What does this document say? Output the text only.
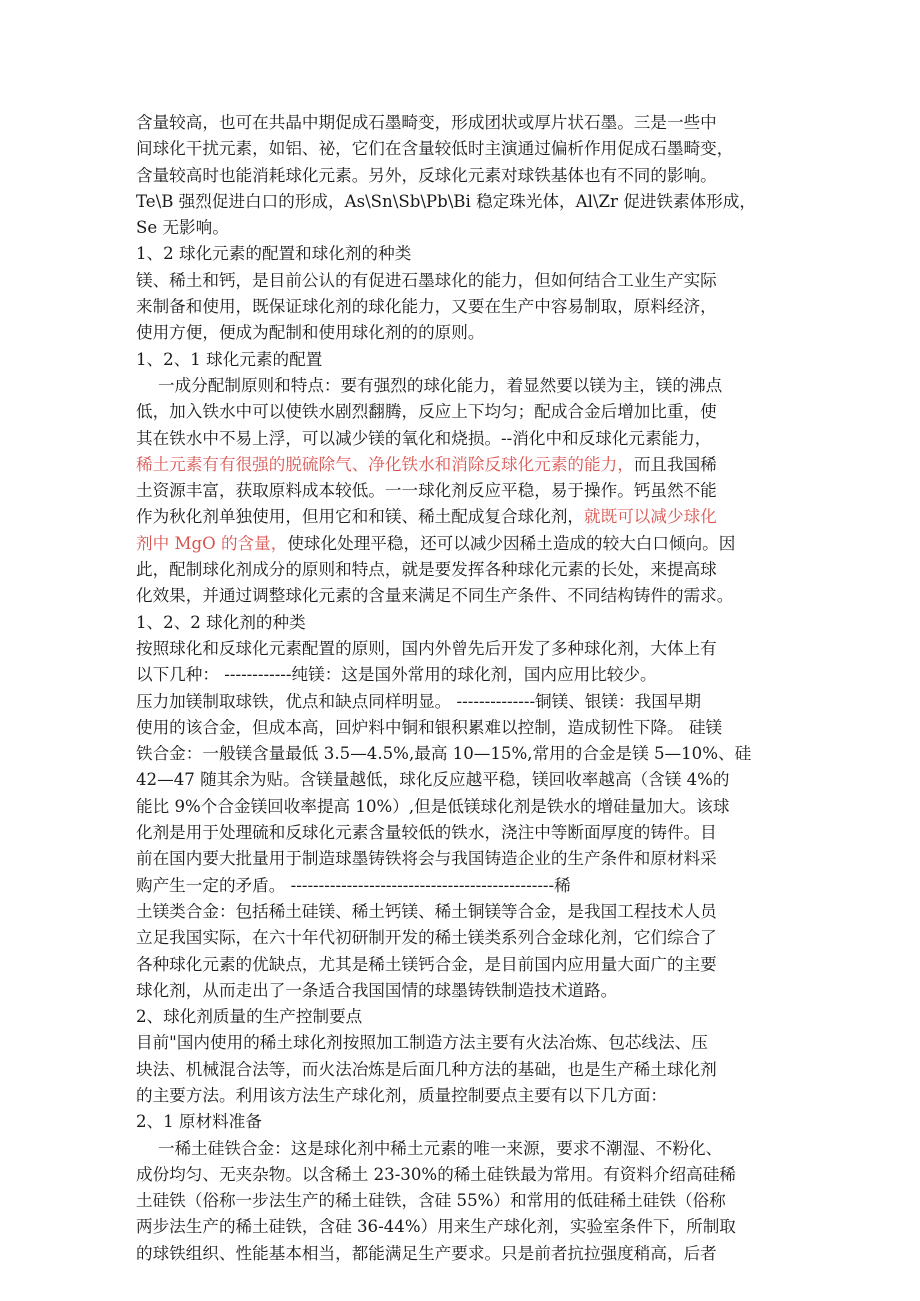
含量较高，也可在共晶中期促成石墨畸变，形成团状或厚片状石墨。三是一些中
间球化干扰元素，如铝、祕，它们在含量较低时主演通过偏析作用促成石墨畸变，
含量较高时也能消耗球化元素。另外，反球化元素对球铁基体也有不同的影响。
Te\B 强烈促进白口的形成，As\Sn\Sb\Pb\Bi 稳定珠光体，Al\Zr 促进铁素体形成，
Se 无影响。
1、2 球化元素的配置和球化剂的种类
镁、稀土和钙，是目前公认的有促进石墨球化的能力，但如何结合工业生产实际
来制备和使用，既保证球化剂的球化能力，又要在生产中容易制取，原料经济，
使用方便，便成为配制和使用球化剂的的原则。
1、2、1 球化元素的配置
一成分配制原则和特点：要有强烈的球化能力，着显然要以镁为主，镁的沸点
低，加入铁水中可以使铁水剧烈翻腾，反应上下均匀；配成合金后增加比重，使
其在铁水中不易上浮，可以减少镁的氧化和烧损。--消化中和反球化元素能力，
稀土元素有有很强的脱硫除气、净化铁水和消除反球化元素的能力，而且我国稀
土资源丰富，获取原料成本较低。一一球化剂反应平稳，易于操作。钙虽然不能
作为秋化剂单独使用，但用它和和镁、稀土配成复合球化剂，就既可以减少球化
剂中 MgO 的含量，使球化处理平稳，还可以减少因稀土造成的较大白口倾向。因
此，配制球化剂成分的原则和特点，就是要发挥各种球化元素的长处，来提高球
化效果，并通过调整球化元素的含量来满足不同生产条件、不同结构铸件的需求。
1、2、2 球化剂的种类
按照球化和反球化元素配置的原则，国内外曾先后开发了多种球化剂，大体上有
以下几种： ------------纯镁：这是国外常用的球化剂，国内应用比较少。
压力加镁制取球铁，优点和缺点同样明显。 --------------铜镁、银镁：我国早期
使用的该合金，但成本高，回炉料中铜和银积累难以控制，造成韧性下降。 硅镁
铁合金：一般镁含量最低 3.5—4.5%,最高 10—15%,常用的合金是镁 5—10%、硅
42—47 随其余为贴。含镁量越低，球化反应越平稳，镁回收率越高（含镁 4%的
能比 9%个合金镁回收率提高 10%）,但是低镁球化剂是铁水的增硅量加大。该球
化剂是用于处理硫和反球化元素含量较低的铁水，浇注中等断面厚度的铸件。目
前在国内要大批量用于制造球墨铸铁将会与我国铸造企业的生产条件和原材料采
购产生一定的矛盾。 -----------------------------------------------稀
土镁类合金：包括稀土硅镁、稀土钙镁、稀土铜镁等合金，是我国工程技术人员
立足我国实际，在六十年代初研制开发的稀土镁类系列合金球化剂，它们综合了
各种球化元素的优缺点，尤其是稀土镁钙合金，是目前国内应用量大面广的主要
球化剂，从而走出了一条适合我国国情的球墨铸铁制造技术道路。
2、球化剂质量的生产控制要点
目前"国内使用的稀土球化剂按照加工制造方法主要有火法冶炼、包芯线法、压
块法、机械混合法等，而火法冶炼是后面几种方法的基础，也是生产稀土球化剂
的主要方法。利用该方法生产球化剂，质量控制要点主要有以下几方面：
2、1 原材料准备
一稀土硅铁合金：这是球化剂中稀土元素的唯一来源，要求不潮湿、不粉化、
成份均匀、无夹杂物。以含稀土 23-30%的稀土硅铁最为常用。有资料介绍高硅稀
土硅铁（俗称一步法生产的稀土硅铁，含硅 55%）和常用的低硅稀土硅铁（俗称
两步法生产的稀土硅铁，含硅 36-44%）用来生产球化剂，实验室条件下，所制取
的球铁组织、性能基本相当，都能满足生产要求。只是前者抗拉强度稍高，后者
